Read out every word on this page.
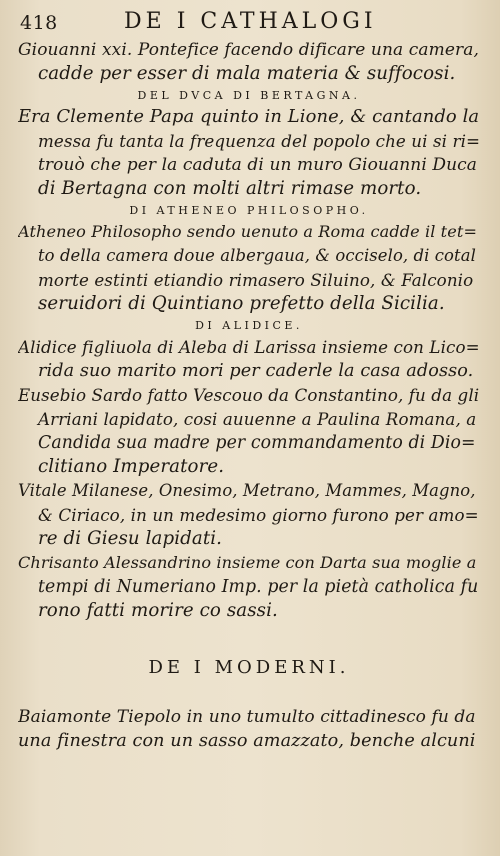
418	DE I CATHALOGI
Giouanni xxi. Pontefice facendo dificare una camera,
cadde per esser di mala materia & suffocosi.
DEL DVCA DI BERTAGNA.
Era Clemente Papa quinto in Lione, & cantando la
messa fu tanta la frequenza del popolo che ui si ri=
trouò che per la caduta di un muro Giouanni Duca
di Bertagna con molti altri rimase morto.
DI ATHENEO PHILOSOPHO.
Atheneo Philosopho sendo uenuto a Roma cadde il tet=
to della camera doue albergaua, & occiselo, di cotal
morte estinti etiandio rimasero Siluino, & Falconio
seruidori di Quintiano prefetto della Sicilia.
DI ALIDICE.
Alidice figliuola di Aleba di Larissa insieme con Lico=
rida suo marito mori per caderle la casa adosso.
Eusebio Sardo fatto Vescouo da Constantino, fu da gli
Arriani lapidato, cosi auuenne a Paulina Romana, a
Candida sua madre per commandamento di Dio=
clitiano Imperatore.
Vitale Milanese, Onesimo, Metrano, Mammes, Magno,
& Ciriaco, in un medesimo giorno furono per amo=
re di Giesu lapidati.
Chrisanto Alessandrino insieme con Darta sua moglie a
tempi di Numeriano Imp. per la pietà catholica fu
rono fatti morire co sassi.
DE I MODERNI.
Baiamonte Tiepolo in uno tumulto cittadinesco fu da
una finestra con un sasso amazzato, benche alcuni
